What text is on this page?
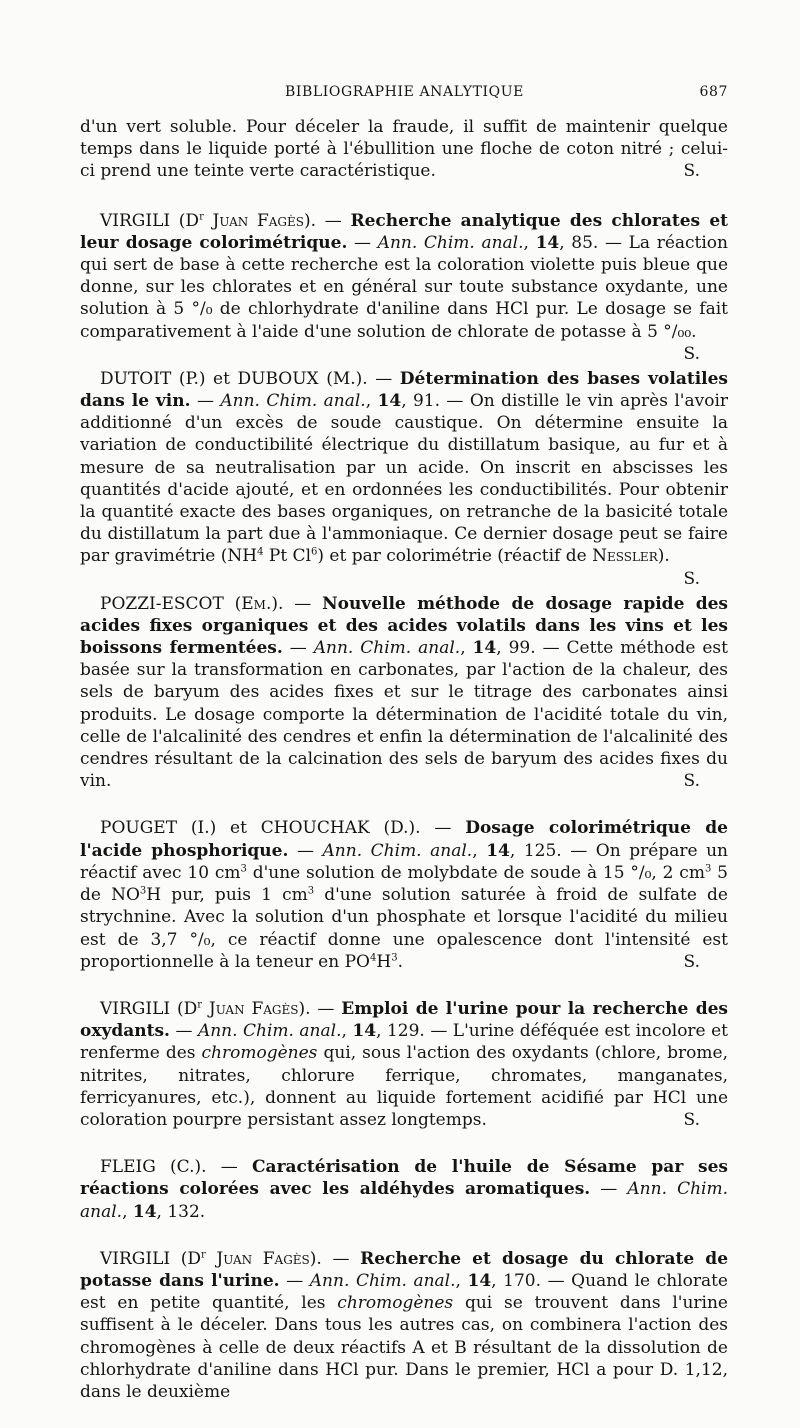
BIBLIOGRAPHIE ANALYTIQUE	687

d'un vert soluble. Pour déceler la fraude, il suffit de maintenir quelque temps dans le liquide porté à l'ébullition une floche de coton nitré ; celui-ci prend une teinte verte caractéristique.	S.

VIRGILI ($D^r$ Juan Fagès). — Recherche analytique des chlorates et leur dosage colorimétrique. — Ann. Chim. anal., 14, 85. — La réaction qui sert de base à cette recherche est la coloration violette puis bleue que donne, sur les chlorates et en général sur toute substance oxydante, une solution à 5 °/₀ de chlorhydrate d'aniline dans HCl pur. Le dosage se fait comparativement à l'aide d'une solution de chlorate de potasse à 5 °/₀₀.
S.

DUTOIT (P.) et DUBOUX (M.). — Détermination des bases volatiles dans le vin. — Ann. Chim. anal., 14, 91. — On distille le vin après l'avoir additionné d'un excès de soude caustique. On détermine ensuite la variation de conductibilité électrique du distillatum basique, au fur et à mesure de sa neutralisation par un acide. On inscrit en abscisses les quantités d'acide ajouté, et en ordonnées les conductibilités. Pour obtenir la quantité exacte des bases organiques, on retranche de la basicité totale du distillatum la part due à l'ammoniaque. Ce dernier dosage peut se faire par gravimétrie ($NH^4$ Pt Cl$^6$) et par colorimétrie (réactif de Nessler).
S.

POZZI-ESCOT (Em.). — Nouvelle méthode de dosage rapide des acides fixes organiques et des acides volatils dans les vins et les boissons fermentées. — Ann. Chim. anal., 14, 99. — Cette méthode est basée sur la transformation en carbonates, par l'action de la chaleur, des sels de baryum des acides fixes et sur le titrage des carbonates ainsi produits. Le dosage comporte la détermination de l'acidité totale du vin, celle de l'alcalinité des cendres et enfin la détermination de l'alcalinité des cendres résultant de la calcination des sels de baryum des acides fixes du vin.	S.

POUGET (I.) et CHOUCHAK (D.). — Dosage colorimétrique de l'acide phosphorique. — Ann. Chim. anal., 14, 125. — On prépare un réactif avec 10 $cm^3$ d'une solution de molybdate de soude à 15 °/₀, 2 $cm^3$ 5 de $NO^3H$ pur, puis 1 $cm^3$ d'une solution saturée à froid de sulfate de strychnine. Avec la solution d'un phosphate et lorsque l'acidité du milieu est de 3,7 °/₀, ce réactif donne une opalescence dont l'intensité est proportionnelle à la teneur en $PO^4H^3$.	S.

VIRGILI ($D^r$ Juan Fagès). — Emploi de l'urine pour la recherche des oxydants. — Ann. Chim. anal., 14, 129. — L'urine déféquée est incolore et renferme des chromogènes qui, sous l'action des oxydants (chlore, brome, nitrites, nitrates, chlorure ferrique, chromates, manganates, ferricyanures, etc.), donnent au liquide fortement acidifié par HCl une coloration pourpre persistant assez longtemps.	S.

FLEIG (C.). — Caractérisation de l'huile de Sésame par ses réactions colorées avec les aldéhydes aromatiques. — Ann. Chim. anal., 14, 132.

VIRGILI ($D^r$ Juan Fagès). — Recherche et dosage du chlorate de potasse dans l'urine. — Ann. Chim. anal., 14, 170. — Quand le chlorate est en petite quantité, les chromogènes qui se trouvent dans l'urine suffisent à le déceler. Dans tous les autres cas, on combinera l'action des chromogènes à celle de deux réactifs A et B résultant de la dissolution de chlorhydrate d'aniline dans HCl pur. Dans le premier, HCl a pour D. 1,12, dans le deuxième
